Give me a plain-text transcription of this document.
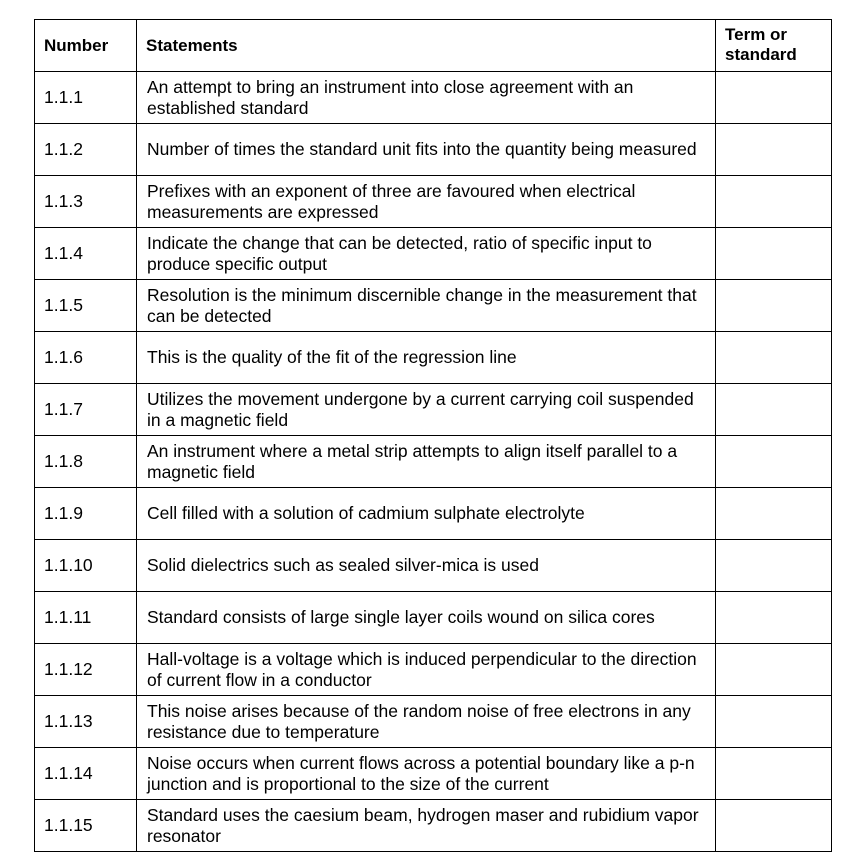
Number	Statements	Term or standard
1.1.1	An attempt to bring an instrument into close agreement with an established standard	
1.1.2	Number of times the standard unit fits into the quantity being measured	
1.1.3	Prefixes with an exponent of three are favoured when electrical measurements are expressed	
1.1.4	Indicate the change that can be detected, ratio of specific input to produce specific output	
1.1.5	Resolution is the minimum discernible change in the measurement that can be detected	
1.1.6	This is the quality of the fit of the regression line	
1.1.7	Utilizes the movement undergone by a current carrying coil suspended in a magnetic field	
1.1.8	An instrument where a metal strip attempts to align itself parallel to a magnetic field	
1.1.9	Cell filled with a solution of cadmium sulphate electrolyte	
1.1.10	Solid dielectrics such as sealed silver-mica is used	
1.1.11	Standard consists of large single layer coils wound on silica cores	
1.1.12	Hall-voltage is a voltage which is induced perpendicular to the direction of current flow in a conductor	
1.1.13	This noise arises because of the random noise of free electrons in any resistance due to temperature	
1.1.14	Noise occurs when current flows across a potential boundary like a p-n junction and is proportional to the size of the current	
1.1.15	Standard uses the caesium beam, hydrogen maser and rubidium vapor resonator	
